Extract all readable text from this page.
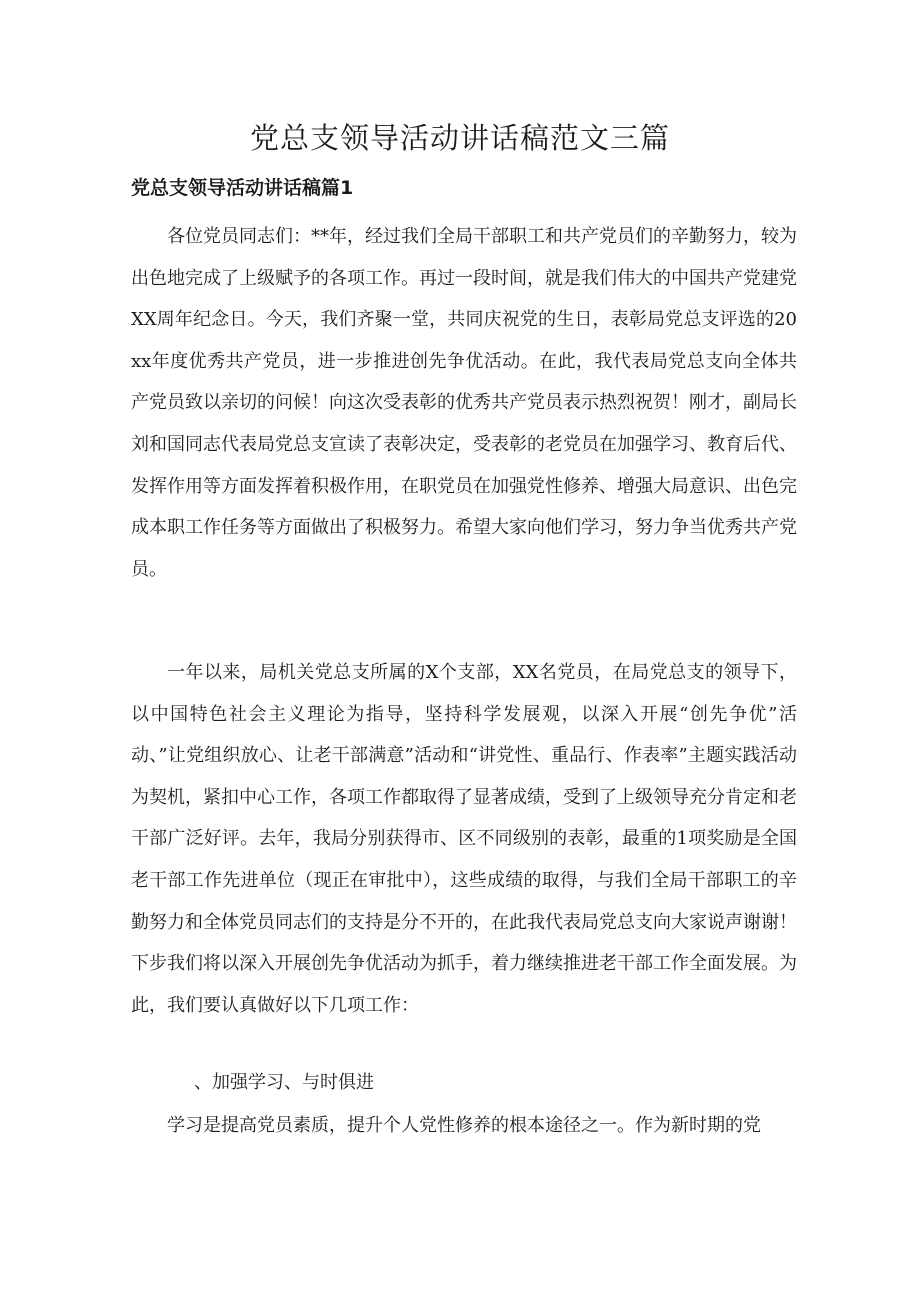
党总支领导活动讲话稿范文三篇
党总支领导活动讲话稿篇1

各位党员同志们：**年，经过我们全局干部职工和共产党员们的辛勤努力，较为出色地完成了上级赋予的各项工作。再过一段时间，就是我们伟大的中国共产党建党XX周年纪念日。今天，我们齐聚一堂，共同庆祝党的生日，表彰局党总支评选的20xx年度优秀共产党员，进一步推进创先争优活动。在此，我代表局党总支向全体共产党员致以亲切的问候！向这次受表彰的优秀共产党员表示热烈祝贺！刚才，副局长刘和国同志代表局党总支宣读了表彰决定，受表彰的老党员在加强学习、教育后代、发挥作用等方面发挥着积极作用，在职党员在加强党性修养、增强大局意识、出色完成本职工作任务等方面做出了积极努力。希望大家向他们学习，努力争当优秀共产党员。

一年以来，局机关党总支所属的X个支部，XX名党员，在局党总支的领导下，以中国特色社会主义理论为指导，坚持科学发展观，以深入开展“创先争优”活动、”让党组织放心、让老干部满意”活动和“讲党性、重品行、作表率”主题实践活动为契机，紧扣中心工作，各项工作都取得了显著成绩，受到了上级领导充分肯定和老干部广泛好评。去年，我局分别获得市、区不同级别的表彰，最重的1项奖励是全国老干部工作先进单位（现正在审批中），这些成绩的取得，与我们全局干部职工的辛勤努力和全体党员同志们的支持是分不开的，在此我代表局党总支向大家说声谢谢！下步我们将以深入开展创先争优活动为抓手，着力继续推进老干部工作全面发展。为此，我们要认真做好以下几项工作：

、加强学习、与时俱进

学习是提高党员素质，提升个人党性修养的根本途径之一。作为新时期的党
